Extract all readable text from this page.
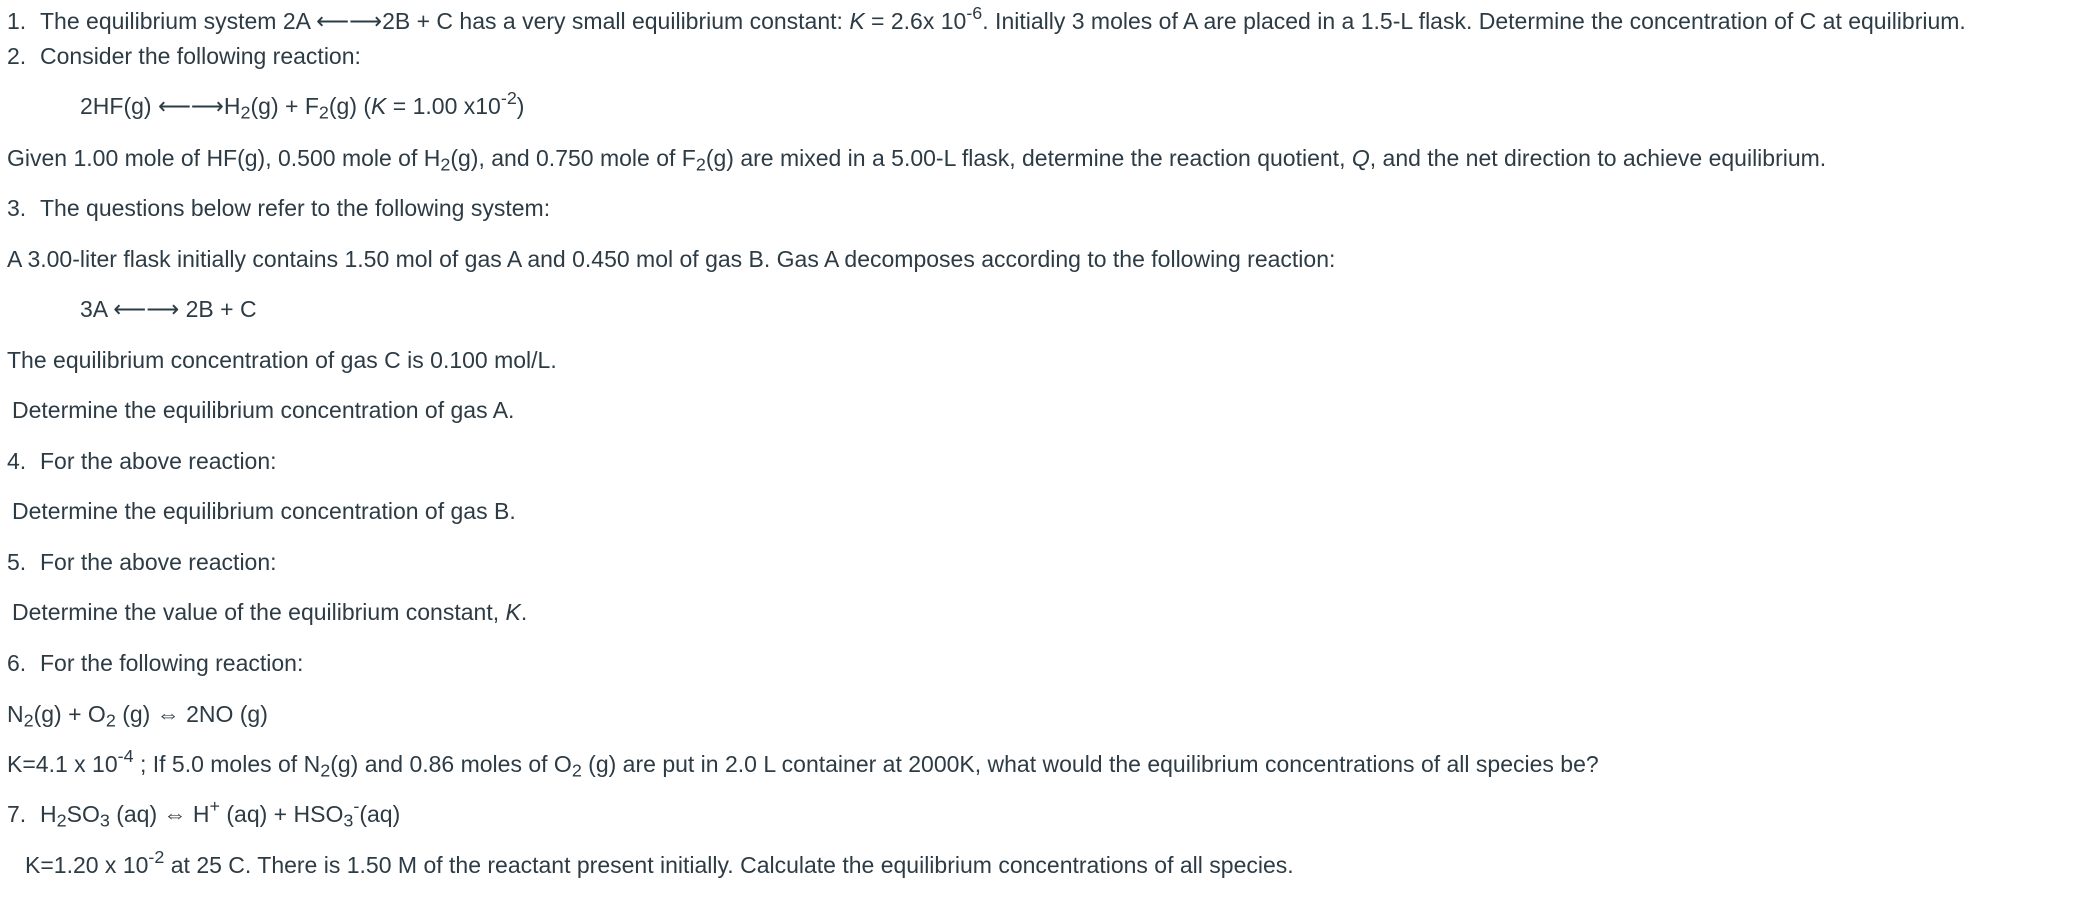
1. The equilibrium system 2A ⟵⟶2B + C has a very small equilibrium constant: K = 2.6x $10^{-6}$. Initially 3 moles of A are placed in a 1.5-L flask. Determine the concentration of C at equilibrium.
2. Consider the following reaction:
2HF(g) $⟵⟶H_2(g) + F_2(g) (K = 1.00$ $x10^{-2}$)
Given 1.00 mole of HF(g), 0.500 mole of $H_2(g)$, and 0.750 mole of $F_2(g)$ are mixed in a 5.00-L flask, determine the reaction quotient, Q, and the net direction to achieve equilibrium.
3. The questions below refer to the following system:
A 3.00-liter flask initially contains 1.50 mol of gas A and 0.450 mol of gas B. Gas A decomposes according to the following reaction:
3A ⟵⟶ 2B + C
The equilibrium concentration of gas C is 0.100 mol/L.
Determine the equilibrium concentration of gas A.
4. For the above reaction:
Determine the equilibrium concentration of gas B.
5. For the above reaction:
Determine the value of the equilibrium constant, K.
6. For the following reaction:
$N_2(g) + O_2$ (g) ⇔ 2NO (g)
K=4.1 x $10^{-4}$ ; If 5.0 moles of $N_2(g)$ and 0.86 moles of $O_2$ (g) are put in 2.0 L container at 2000K, what would the equilibrium concentrations of all species be?
7. $H_2SO_3$ (aq) ⇔ H+ $(aq) + HSO_3^-(aq)$
K=1.20 x $10^{-2}$ at 25 C. There is 1.50 M of the reactant present initially. Calculate the equilibrium concentrations of all species.
